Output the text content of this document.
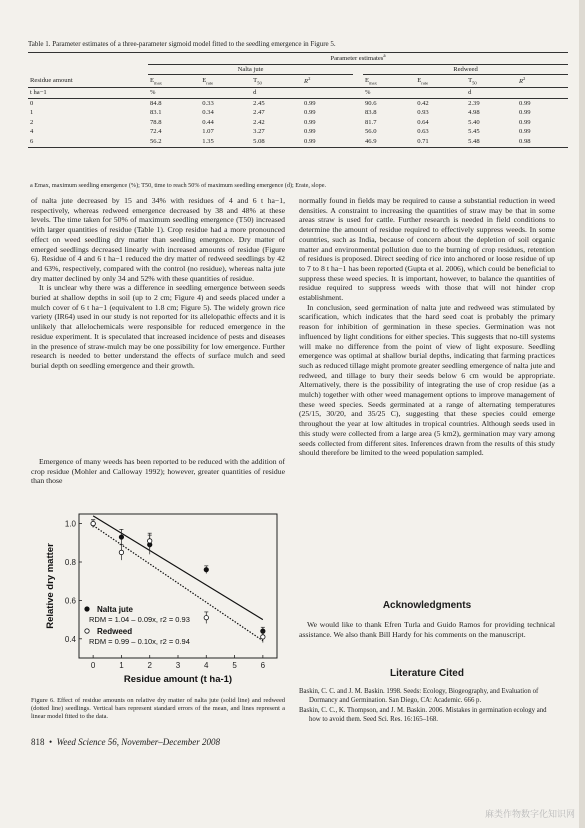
Table 1. Parameter estimates of a three-parameter sigmoid model fitted to the seedling emergence in Figure 5.
	Parameter estimates$^a$
	Nalta jute					Redweed			
Residue amount	$E_{max}$	$E_{rate}$	$T_{50}$	$R^2$		$E_{max}$	$E_{rate}$	$T_{50}$	$R^2$
t ha−1	%		d			%		d	
0	84.8	0.33	2.45	0.99		90.6	0.42	2.39	0.99
1	83.1	0.34	2.47	0.99		83.8	0.93	4.98	0.99
2	78.8	0.44	2.42	0.99		81.7	0.64	5.40	0.99
4	72.4	1.07	3.27	0.99		56.0	0.63	5.45	0.99
6	56.2	1.35	5.08	0.99		46.9	0.71	5.48	0.98
a Emax, maximum seedling emergence (%); T50, time to reach 50% of maximum seedling emergence (d); Erate, slope.

of nalta jute decreased by 15 and 34% with residues of 4 and 6 t ha−1, respectively, whereas redweed emergence decreased by 38 and 48% at these levels. The time taken for 50% of maximum seedling emergence (T50) increased with larger quantities of residue (Table 1). Crop residue had a more pronounced effect on weed seedling dry matter than seedling emergence. Dry matter of emerged seedlings decreased linearly with increased amounts of residue (Figure 6). Residue of 4 and 6 t ha−1 reduced the dry matter of redweed seedlings by 42 and 63%, respectively, compared with the control (no residue), whereas nalta jute dry matter declined by only 34 and 52% with these quantities of residue.

It is unclear why there was a difference in seedling emergence between seeds buried at shallow depths in soil (up to 2 cm; Figure 4) and seeds placed under a mulch cover of 6 t ha−1 (equivalent to 1.8 cm; Figure 5). The widely grown rice variety (IR64) used in our study is not reported for its allelopathic effects and it is unlikely that allelochemicals were responsible for reduced emergence in the residue experiment. It is speculated that increased incidence of pests and diseases in the presence of straw-mulch may be one possibility for low emergence. Further research is needed to better understand the effects of surface mulch and seed burial depth on seedling emergence and their growth.

Emergence of many weeds has been reported to be reduced with the addition of crop residue (Mohler and Calloway 1992); however, greater quantities of residue than those

0	1	2	3	4	5	6
0.4
0.6
0.8
1.0
Residue amount (t ha-1)
Relative dry matter	Nalta jute
RDM = 1.04 – 0.09x, r2 = 0.93
Redweed
RDM = 0.99 – 0.10x, r2 = 0.94
Figure 6. Effect of residue amounts on relative dry matter of nalta jute (solid line) and redweed (dotted line) seedlings. Vertical bars represent standard errors of the mean, and lines represent a linear model fitted to the data.

normally found in fields may be required to cause a substantial reduction in weed densities. A constraint to increasing the quantities of straw may be that in some areas straw is used for cattle. Further research is needed in field conditions to determine the amount of residue required to effectively suppress weeds. In some countries, such as India, because of concern about the depletion of soil organic matter and environmental pollution due to the burning of crop residues, retention of residues is proposed. Direct seeding of rice into anchored or loose residue of up to 7 to 8 t ha−1 has been reported (Gupta et al. 2006), which could be beneficial to suppress these weed species. It is important, however, to balance the quantities of residue required to suppress weeds with those that will not hinder crop establishment.

In conclusion, seed germination of nalta jute and redweed was stimulated by scarification, which indicates that the hard seed coat is probably the primary reason for inhibition of germination in these species. Germination was not influenced by light conditions for either species. This suggests that no-till systems will make no difference from the point of view of light exposure. Seedling emergence was optimal at shallow burial depths, indicating that farming practices such as reduced tillage might promote greater seedling emergence of nalta jute and redweed, and tillage to bury their seeds below 6 cm would be appropriate. Alternatively, there is the possibility of integrating the use of crop residue (as a mulch) together with other weed management options to improve management of these weed species. Seeds germinated at a range of alternating temperatures (25/15, 30/20, and 35/25 C), suggesting that these species could emerge throughout the year at low altitudes in tropical countries. Although seeds used in this study were collected from a large area (5 km2), germination may vary among seeds collected from different sites. Inferences drawn from the results of this study should therefore be limited to the weed population sampled.

Acknowledgments
We would like to thank Efren Turla and Guido Ramos for providing technical assistance. We also thank Bill Hardy for his comments on the manuscript.
Literature Cited

Baskin, C. C. and J. M. Baskin. 1998. Seeds: Ecology, Biogeography, and Evaluation of Dormancy and Germination. San Diego, CA: Academic. 666 p.

Baskin, C. C., K. Thompson, and J. M. Baskin. 2006. Mistakes in germination ecology and how to avoid them. Seed Sci. Res. 16:165–168.

818 • Weed Science 56, November–December 2008
麻类作物数字化知识网
